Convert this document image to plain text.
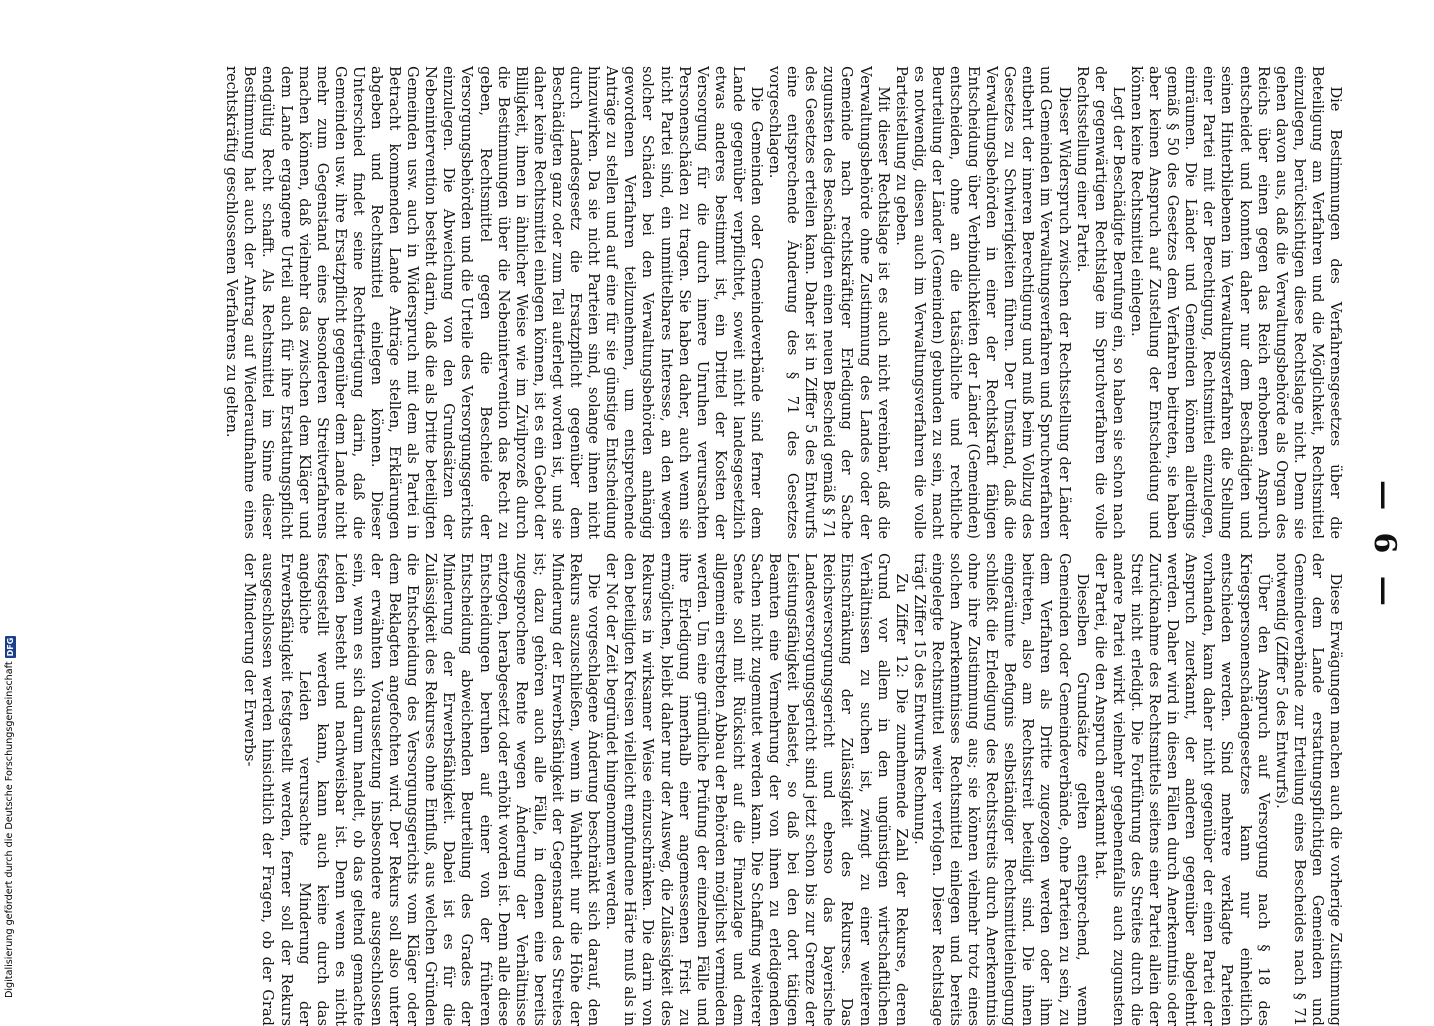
Digitalisierung gefördert durch die Deutsche Forschungsgemeinschaft
DFG
— 6 —

Die Bestimmungen des Verfahrensgesetzes über die Beteiligung am Verfahren und die Möglichkeit, Rechtsmittel einzulegen, berücksichtigen diese Rechtslage nicht. Denn sie gehen davon aus, daß die Verwaltungsbehörde als Organ des Reichs über einen gegen das Reich erhobenen Anspruch entscheidet und konnten daher nur dem Beschädigten und seinen Hinterbliebenen im Verwaltungsverfahren die Stellung einer Partei mit der Berechtigung, Rechtsmittel einzulegen, einräumen. Die Länder und Gemeinden können allerdings gemäß § 50 des Gesetzes dem Verfahren beitreten, sie haben aber keinen Anspruch auf Zustellung der Entscheidung und können keine Rechtsmittel einlegen.

Legt der Beschädigte Berufung ein, so haben sie schon nach der gegenwärtigen Rechtslage im Spruchverfahren die volle Rechtsstellung einer Partei.

Dieser Widerspruch zwischen der Rechtsstellung der Länder und Gemeinden im Verwaltungsverfahren und Spruchverfahren entbehrt der inneren Berechtigung und muß beim Vollzug des Gesetzes zu Schwierigkeiten führen. Der Umstand, daß die Verwaltungsbehörden in einer der Rechtskraft fähigen Entscheidung über Verbindlichkeiten der Länder (Gemeinden) entscheiden, ohne an die tatsächliche und rechtliche Beurteilung der Länder (Gemeinden) gebunden zu sein, macht es notwendig, diesen auch im Verwaltungsverfahren die volle Parteistellung zu geben.

Mit dieser Rechtslage ist es auch nicht vereinbar, daß die Verwaltungsbehörde ohne Zustimmung des Landes oder der Gemeinde nach rechtskräftiger Erledigung der Sache zugunsten des Beschädigten einen neuen Bescheid gemäß § 71 des Gesetzes erteilen kann. Daher ist in Ziffer 5 des Entwurfs eine entsprechende Änderung des § 71 des Gesetzes vorgeschlagen.

Die Gemeinden oder Gemeindeverbände sind ferner dem Lande gegenüber verpflichtet, soweit nicht landesgesetzlich etwas anderes bestimmt ist, ein Drittel der Kosten der Versorgung für die durch innere Unruhen verursachten Personenschäden zu tragen. Sie haben daher, auch wenn sie nicht Partei sind, ein unmittelbares Interesse, an den wegen solcher Schäden bei den Verwaltungsbehörden anhängig gewordenen Verfahren teilzunehmen, um entsprechende Anträge zu stellen und auf eine für sie günstige Entscheidung hinzuwirken. Da sie nicht Parteien sind, solange ihnen nicht durch Landesgesetz die Ersatzpflicht gegenüber dem Beschädigten ganz oder zum Teil auferlegt worden ist, und sie daher keine Rechtsmittel einlegen können, ist es ein Gebot der Billigkeit, ihnen in ähnlicher Weise wie im Zivilprozeß durch die Bestimmungen über die Nebenintervention das Recht zu geben, Rechtsmittel gegen die Bescheide der Versorgungsbehörden und die Urteile des Versorgungsgerichts einzulegen. Die Abweichung von den Grundsätzen der Nebenintervention besteht darin, daß die als Dritte beteiligten Gemeinden usw. auch in Widerspruch mit dem als Partei in Betracht kommenden Lande Anträge stellen, Erklärungen abgeben und Rechtsmittel einlegen können. Dieser Unterschied findet seine Rechtfertigung darin, daß die Gemeinden usw. ihre Ersatzpflicht gegenüber dem Lande nicht mehr zum Gegenstand eines besonderen Streitverfahrens machen können, daß vielmehr das zwischen dem Kläger und dem Lande ergangene Urteil auch für ihre Erstattungspflicht endgültig Recht schafft. Als Rechtsmittel im Sinne dieser Bestimmung hat auch der Antrag auf Wiederaufnahme eines rechtskräftig geschlossenen Verfahrens zu gelten.

Diese Erwägungen machen auch die vorherige Zustimmung der dem Lande erstattungspflichtigen Gemeinden und Gemeindeverbände zur Erteilung eines Bescheides nach § 71 notwendig (Ziffer 5 des Entwurfs).

Über den Anspruch auf Versorgung nach § 18 des Kriegspersonenschädengesetzes kann nur einheitlich entschieden werden. Sind mehrere verklagte Parteien vorhanden, kann daher nicht gegenüber der einen Partei der Anspruch zuerkannt, der anderen gegenüber abgelehnt werden. Daher wird in diesen Fällen durch Anerkenntnis oder Zurücknahme des Rechtsmittels seitens einer Partei allein der Streit nicht erledigt. Die Fortführung des Streites durch die andere Partei wirkt vielmehr gegebenenfalls auch zugunsten der Partei, die den Anspruch anerkannt hat.

Dieselben Grundsätze gelten entsprechend, wenn Gemeinden oder Gemeindeverbände, ohne Parteien zu sein, zu dem Verfahren als Dritte zugezogen werden oder ihm beitreten, also am Rechtsstreit beteiligt sind. Die ihnen eingeräumte Befugnis selbständiger Rechtsmitteleinlegung schließt die Erledigung des Rechtsstreits durch Anerkenntnis ohne ihre Zustimmung aus; sie können vielmehr trotz eines solchen Anerkenntnisses Rechtsmittel einlegen und bereits eingelegte Rechtsmittel weiter verfolgen. Dieser Rechtslage trägt Ziffer 15 des Entwurfs Rechnung.

Zu Ziffer 12: Die zunehmende Zahl der Rekurse, deren Grund vor allem in den ungünstigen wirtschaftlichen Verhältnissen zu suchen ist, zwingt zu einer weiteren Einschränkung der Zulässigkeit des Rekurses. Das Reichsversorgungsgericht und ebenso das bayerische Landesversorgungsgericht sind jetzt schon bis zur Grenze der Leistungsfähigkeit belastet, so daß bei den dort tätigen Beamten eine Vermehrung der von ihnen zu erledigenden Sachen nicht zugemutet werden kann. Die Schaffung weiterer Senate soll mit Rücksicht auf die Finanzlage und dem allgemein erstrebten Abbau der Behörden möglichst vermieden werden. Um eine gründliche Prüfung der einzelnen Fälle und ihre Erledigung innerhalb einer angemessenen Frist zu ermöglichen, bleibt daher nur der Ausweg, die Zulässigkeit des Rekurses in wirksamer Weise einzuschränken. Die darin von den beteiligten Kreisen vielleicht empfundene Härte muß als in der Not der Zeit begründet hingenommen werden.

Die vorgeschlagene Änderung beschränkt sich darauf, den Rekurs auszuschließen, wenn in Wahrheit nur die Höhe der Minderung der Erwerbsfähigkeit der Gegenstand des Streites ist; dazu gehören auch alle Fälle, in denen eine bereits zugesprochene Rente wegen Änderung der Verhältnisse entzogen, herabgesetzt oder erhöht worden ist. Denn alle diese Entscheidungen beruhen auf einer von der früheren Entscheidung abweichenden Beurteilung des Grades der Minderung der Erwerbsfähigkeit. Dabei ist es für die Zulässigkeit des Rekurses ohne Einfluß, aus welchen Gründen die Entscheidung des Versorgungsgerichts vom Kläger oder dem Beklagten angefochten wird. Der Rekurs soll also unter der erwähnten Voraussetzung insbesondere ausgeschlossen sein, wenn es sich darum handelt, ob das geltend gemachte Leiden besteht und nachweisbar ist. Denn wenn es nicht festgestellt werden kann, kann auch keine durch das angebliche Leiden verursachte Minderung der Erwerbsfähigkeit festgestellt werden, ferner soll der Rekurs ausgeschlossen werden hinsichtlich der Fragen, ob der Grad der Minderung der Erwerbs-
